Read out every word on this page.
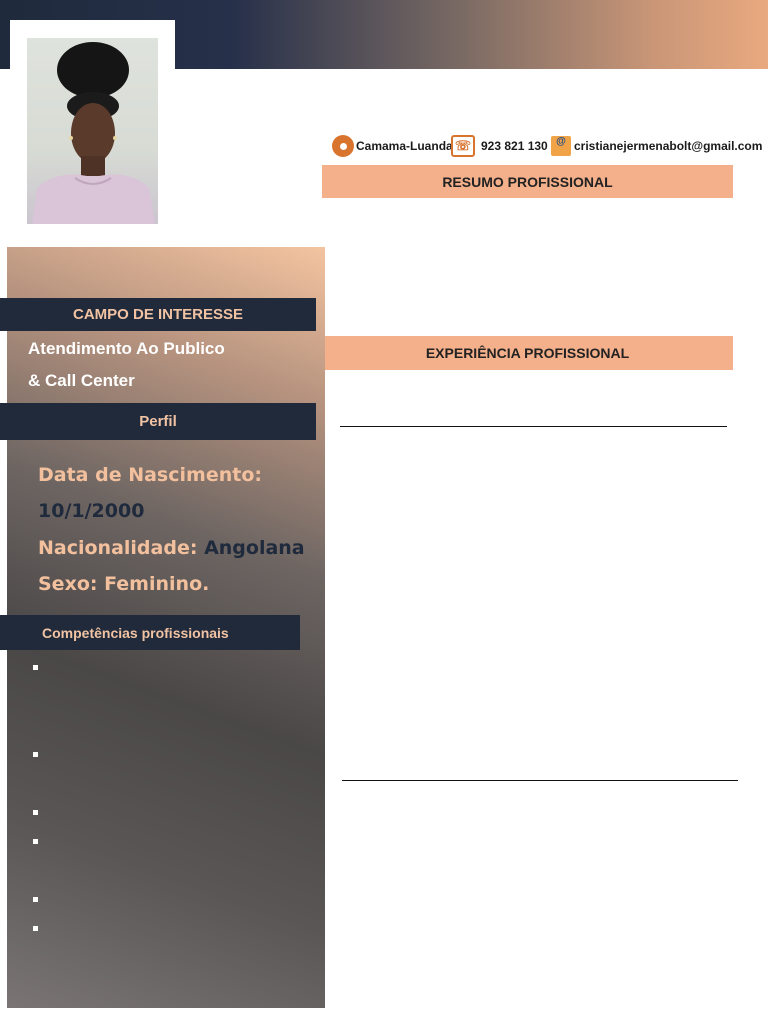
Camama-Luanda ☏ 923 821 130 @ cristianejermenabolt@gmail.com
RESUMO PROFISSIONAL
EXPERIÊNCIA PROFISSIONAL
CAMPO DE INTERESSE
Atendimento Ao Publico
& Call Center
Perfil
Data de Nascimento:
10/1/2000
Nacionalidade: Angolana
Sexo: Feminino.
Competências profissionais
